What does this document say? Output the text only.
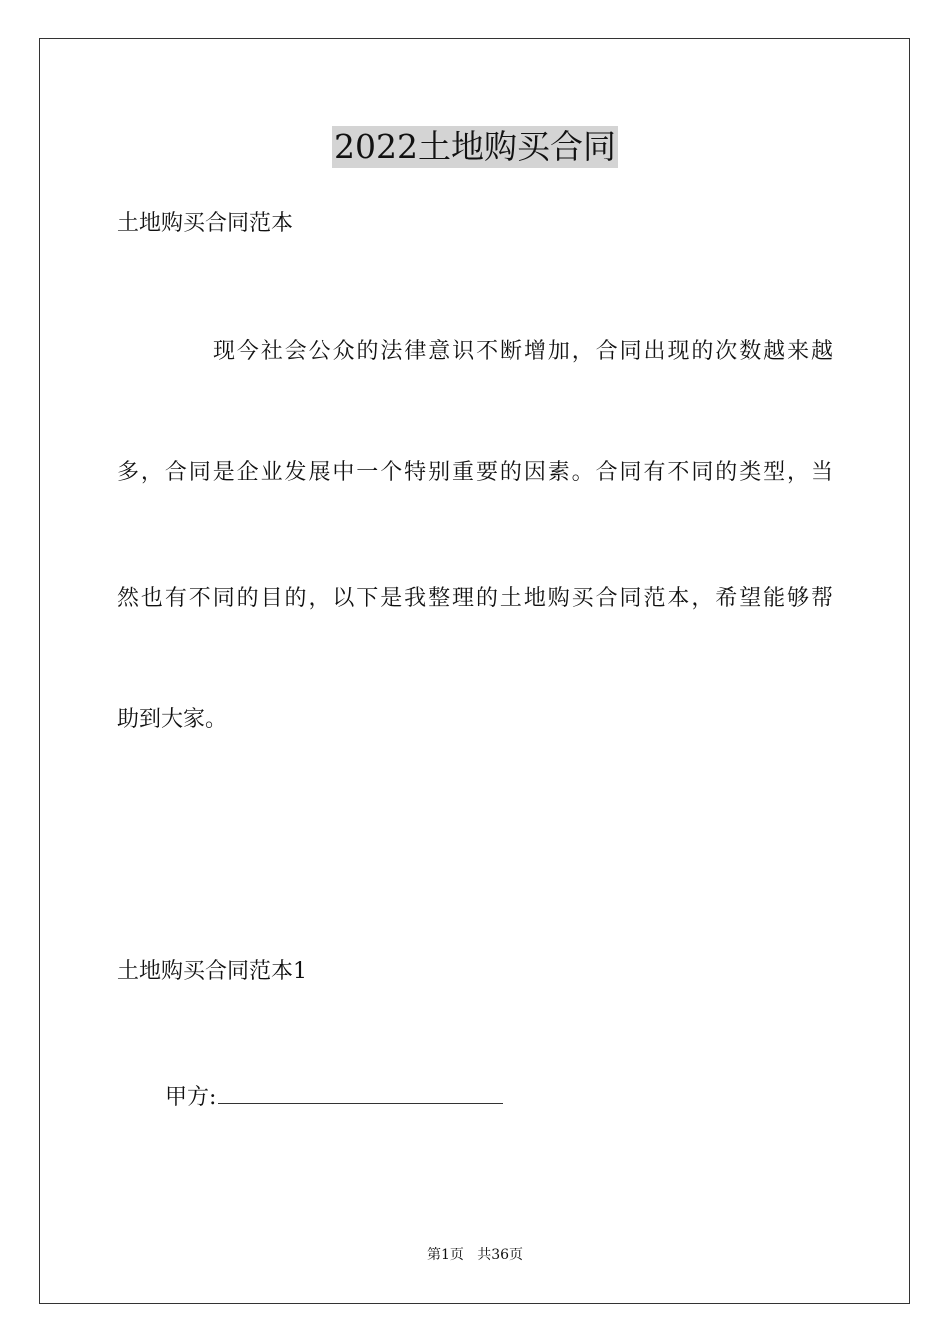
2022土地购买合同
土地购买合同范本
现今社会公众的法律意识不断增加，合同出现的次数越来越
多，合同是企业发展中一个特别重要的因素。合同有不同的类型，当
然也有不同的目的，以下是我整理的土地购买合同范本，希望能够帮
助到大家。
土地购买合同范本1
甲方:
第1页   共36页
